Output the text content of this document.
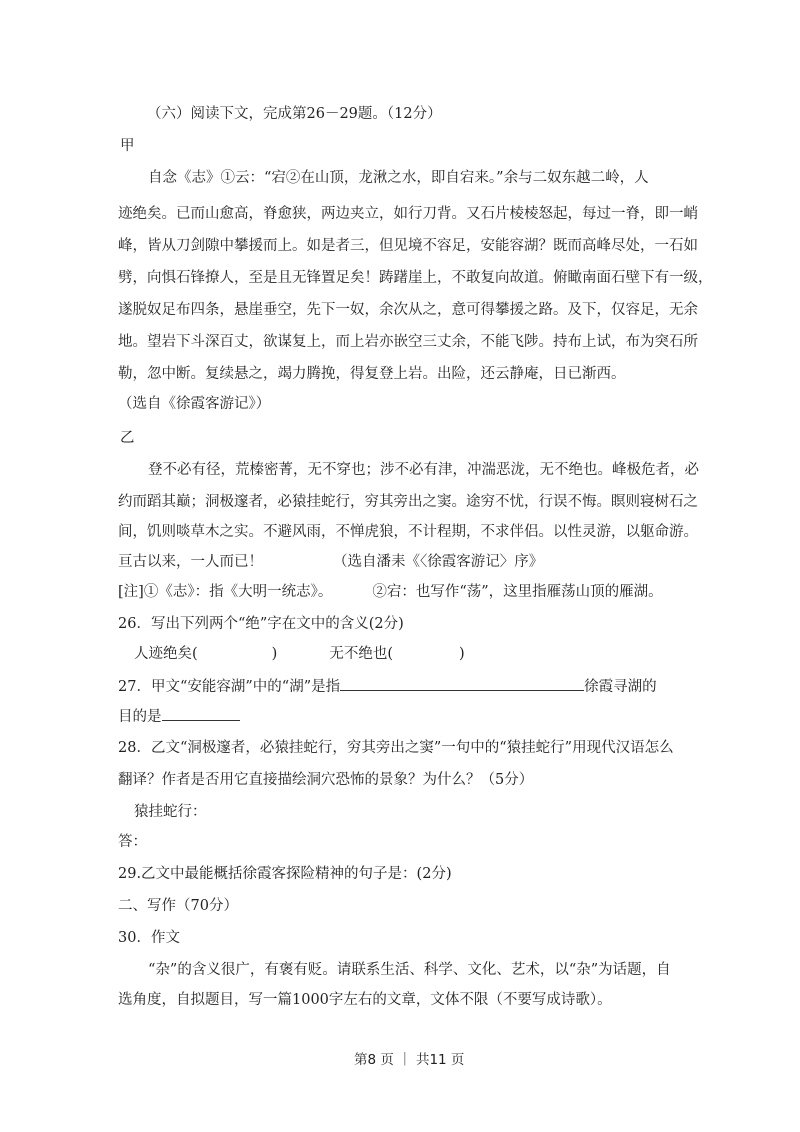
（六）阅读下文，完成第26－29题。（12分）
甲
自念《志》①云：“宕②在山顶，龙湫之水，即自宕来。”余与二奴东越二岭，人
迹绝矣。已而山愈高，脊愈狭，两边夹立，如行刀背。又石片棱棱怒起，每过一脊，即一峭
峰，皆从刀剑隙中攀援而上。如是者三，但见境不容足，安能容湖？既而高峰尽处，一石如
劈，向惧石锋撩人，至是且无锋置足矣！踌躇崖上，不敢复向故道。俯瞰南面石壁下有一级，
遂脱奴足布四条，悬崖垂空，先下一奴，余次从之，意可得攀援之路。及下，仅容足，无余
地。望岩下斗深百丈，欲谋复上，而上岩亦嵌空三丈余，不能飞陟。持布上试，布为突石所
勒，忽中断。复续悬之，竭力腾挽，得复登上岩。出险，还云静庵，日已渐西。
（选自《徐霞客游记》）
乙
登不必有径，荒榛密菁，无不穿也；涉不必有津，冲湍恶泷，无不绝也。峰极危者，必
约而蹈其巅；洞极邃者，必猿挂蛇行，穷其旁出之窦。途穷不忧，行误不悔。瞑则寝树石之
间，饥则啖草木之实。不避风雨，不惮虎狼，不计程期，不求伴侣。以性灵游，以躯命游。
亘古以来，一人而已！	（选自潘耒《〈徐霞客游记〉序》
[注]①《志》：指《大明一统志》。	②宕：也写作“荡”，这里指雁荡山顶的雁湖。
26．写出下列两个“绝”字在文中的含义(2分)
人迹绝矣(	)	无不绝也(	)
27．甲文“安能容湖”中的“湖”是指	徐霞寻湖的
目的是
28．乙文“洞极邃者，必猿挂蛇行，穷其旁出之窦”一句中的“猿挂蛇行”用现代汉语怎么
翻译？作者是否用它直接描绘洞穴恐怖的景象？为什么？（5分）
猿挂蛇行：
答：
29.乙文中最能概括徐霞客探险精神的句子是：(2分)
二、写作（70分）
30．作文
“杂”的含义很广，有褒有贬。请联系生活、科学、文化、艺术，以“杂”为话题，自
选角度，自拟题目，写一篇1000字左右的文章，文体不限（不要写成诗歌）。
第8 页 ｜ 共11 页
